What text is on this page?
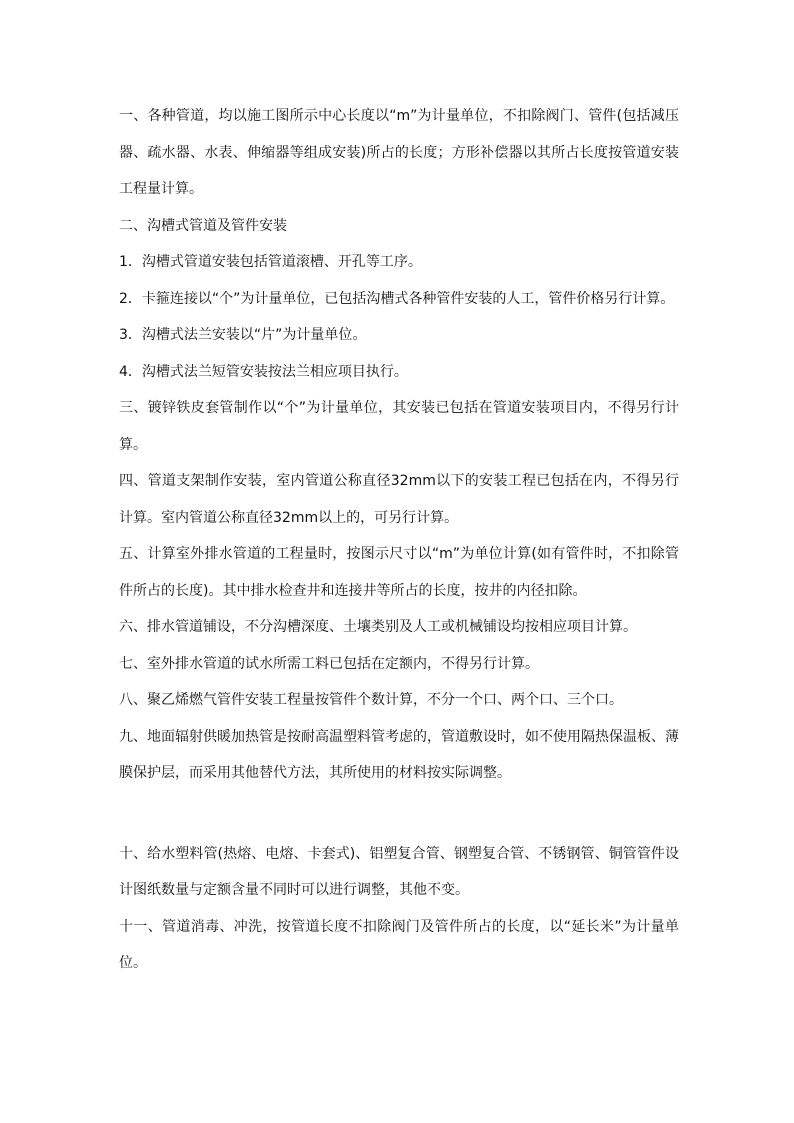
一、各种管道，均以施工图所示中心长度以“m”为计量单位，不扣除阀门、管件(包括减压器、疏水器、水表、伸缩器等组成安装)所占的长度；方形补偿器以其所占长度按管道安装工程量计算。

二、沟槽式管道及管件安装

1．沟槽式管道安装包括管道滚槽、开孔等工序。

2．卡箍连接以“个”为计量单位，已包括沟槽式各种管件安装的人工，管件价格另行计算。

3．沟槽式法兰安装以“片”为计量单位。

4．沟槽式法兰短管安装按法兰相应项目执行。

三、镀锌铁皮套管制作以“个”为计量单位，其安装已包括在管道安装项目内，不得另行计算。

四、管道支架制作安装，室内管道公称直径32mm以下的安装工程已包括在内，不得另行计算。室内管道公称直径32mm以上的，可另行计算。

五、计算室外排水管道的工程量时，按图示尺寸以“m”为单位计算(如有管件时，不扣除管件所占的长度)。其中排水检查井和连接井等所占的长度，按井的内径扣除。

六、排水管道铺设，不分沟槽深度、土壤类别及人工或机械铺设均按相应项目计算。

七、室外排水管道的试水所需工料已包括在定额内，不得另行计算。

八、聚乙烯燃气管件安装工程量按管件个数计算，不分一个口、两个口、三个口。

九、地面辐射供暖加热管是按耐高温塑料管考虑的，管道敷设时，如不使用隔热保温板、薄膜保护层，而采用其他替代方法，其所使用的材料按实际调整。

十、给水塑料管(热熔、电熔、卡套式)、铝塑复合管、钢塑复合管、不锈钢管、铜管管件设计图纸数量与定额含量不同时可以进行调整，其他不变。

十一、管道消毒、冲洗，按管道长度不扣除阀门及管件所占的长度，以“延长米”为计量单位。
